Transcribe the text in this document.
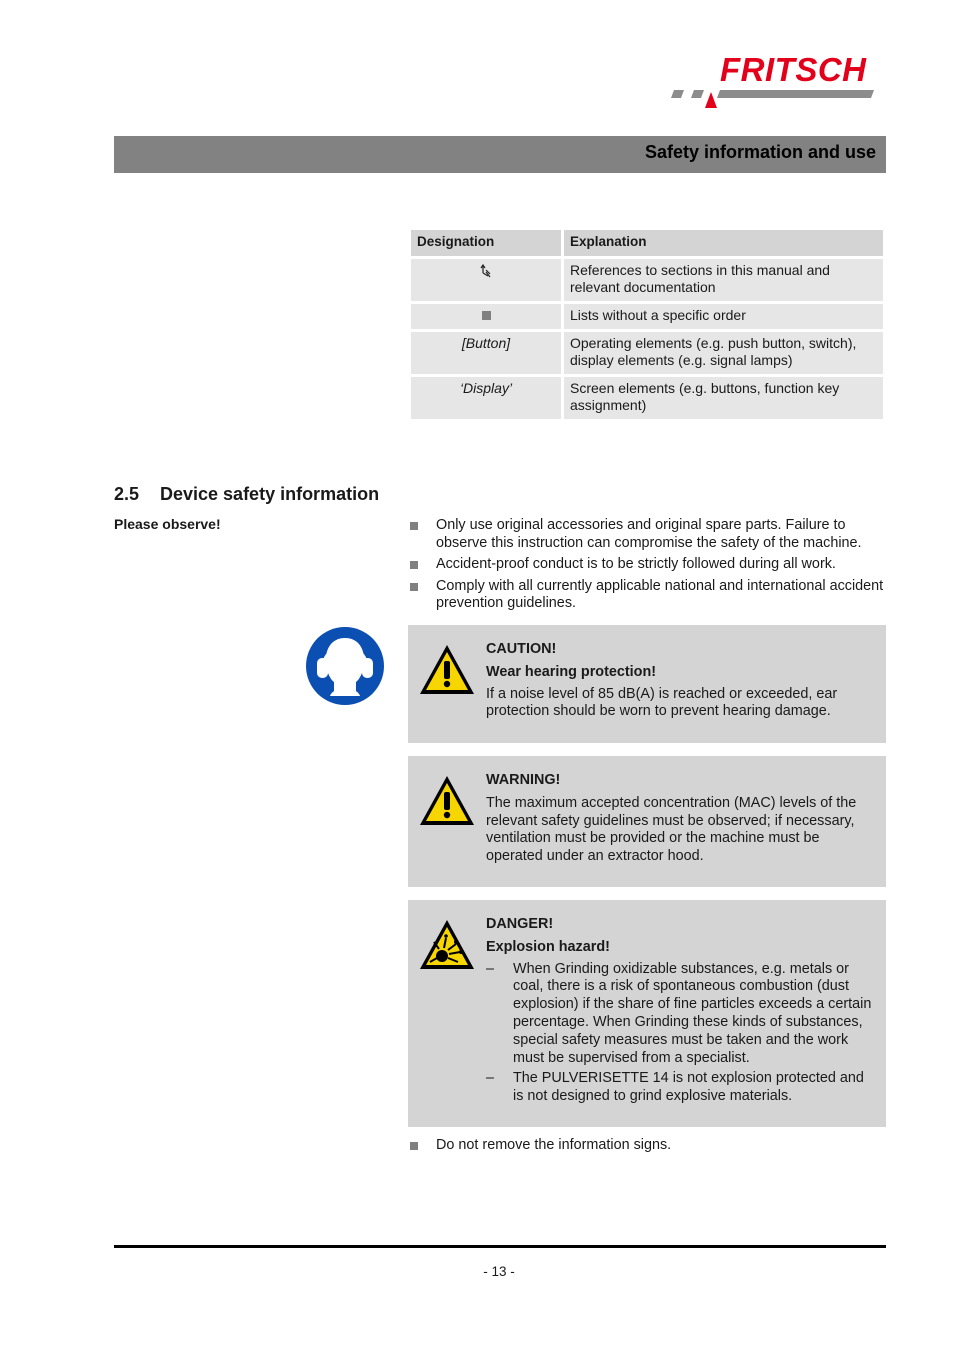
FRITSCH
Safety information and use
Designation	Explanation
	References to sections in this manual and relevant documentation
	Lists without a specific order
[Button]	Operating elements (e.g. push button, switch), display elements (e.g. signal lamps)
‘Display’	Screen elements (e.g. buttons, function key assignment)
2.5 Device safety information
Please observe!	Only use original accessories and original spare parts. Failure to observe this instruction can compromise the safety of the machine.
Accident-proof conduct is to be strictly followed during all work.
Comply with all currently applicable national and international accident prevention guidelines.
CAUTION!
Wear hearing protection!
If a noise level of 85 dB(A) is reached or exceeded, ear protection should be worn to prevent hearing damage.
WARNING!
The maximum accepted concentration (MAC) levels of the relevant safety guidelines must be observed; if necessary, ventilation must be provided or the machine must be operated under an extractor hood.
DANGER!
Explosion hazard!
– When Grinding oxidizable substances, e.g. metals or coal, there is a risk of spontaneous combustion (dust explosion) if the share of fine particles exceeds a certain percentage. When Grinding these kinds of substances, special safety measures must be taken and the work must be supervised from a specialist.
– The PULVERISETTE 14 is not explosion protected and is not designed to grind explosive materials.
Do not remove the information signs.
- 13 -
